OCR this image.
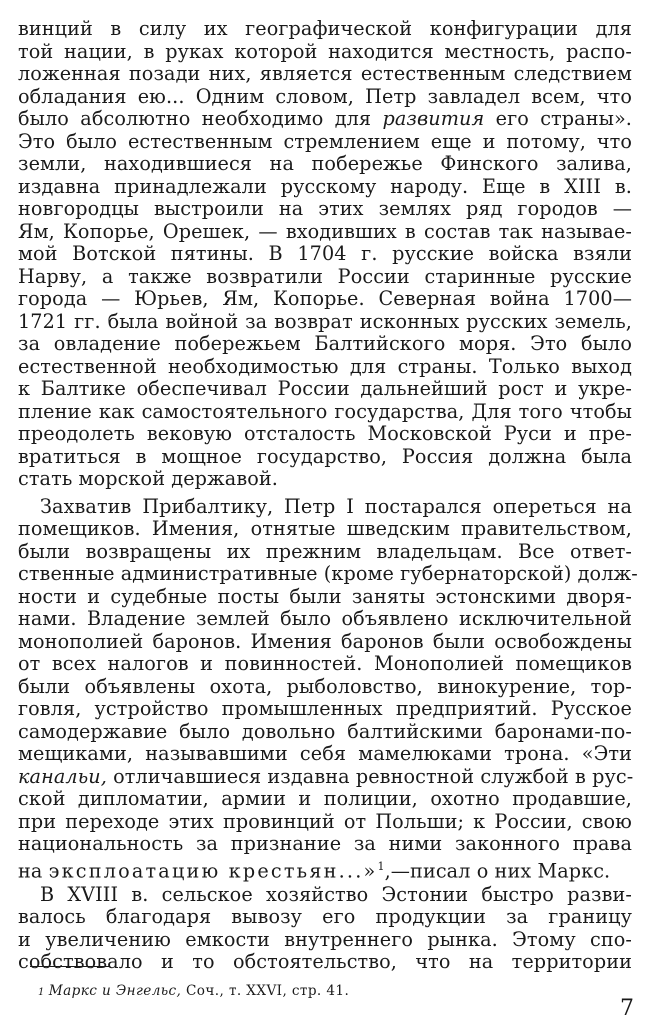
винций в силу их географической конфигурации для
той нации, в руках которой находится местность, распо-
ложенная позади них, является естественным следствием
обладания ею... Одним словом, Петр завладел всем, что
было абсолютно необходимо для развития его страны».
Это было естественным стремлением еще и потому, что
земли, находившиеся на побережье Финского залива,
издавна принадлежали русскому народу. Еще в XIII в.
новгородцы выстроили на этих землях ряд городов —
Ям, Копорье, Орешек, — входивших в состав так называе-
мой Вотской пятины. В 1704 г. русские войска взяли
Нарву, а также возвратили России старинные русские
города — Юрьев, Ям, Копорье. Северная война 1700—
1721 гг. была войной за возврат исконных русских земель,
за овладение побережьем Балтийского моря. Это было
естественной необходимостью для страны. Только выход
к Балтике обеспечивал России дальнейший рост и укре-
пление как самостоятельного государства, Для того чтобы
преодолеть вековую отсталость Московской Руси и пре-
вратиться в мощное государство, Россия должна была
стать морской державой.
Захватив Прибалтику, Петр I постарался опереться на
помещиков. Имения, отнятые шведским правительством,
были возвращены их прежним владельцам. Все ответ-
ственные административные (кроме губернаторской) долж-
ности и судебные посты были заняты эстонскими дворя-
нами. Владение землей было объявлено исключительной
монополией баронов. Имения баронов были освобождены
от всех налогов и повинностей. Монополией помещиков
были объявлены охота, рыболовство, винокурение, тор-
говля, устройство промышленных предприятий. Русское
самодержавие было довольно балтийскими баронами-по-
мещиками, называвшими себя мамелюками трона. «Эти
канальи, отличавшиеся издавна ревностной службой в рус-
ской дипломатии, армии и полиции, охотно продавшие,
при переходе этих провинций от Польши; к России, свою
национальность за признание за ними законного права
на эксплоатацию крестьян...»$^1$,—писал о них Маркс.
В XVIII в. сельское хозяйство Эстонии быстро разви-
валось благодаря вывозу его продукции за границу
и увеличению емкости внутреннего рынка. Этому спо-
собствовало и то обстоятельство, что на территории
1 Маркс и Энгельс, Соч., т. XXVI, стр. 41.
7
